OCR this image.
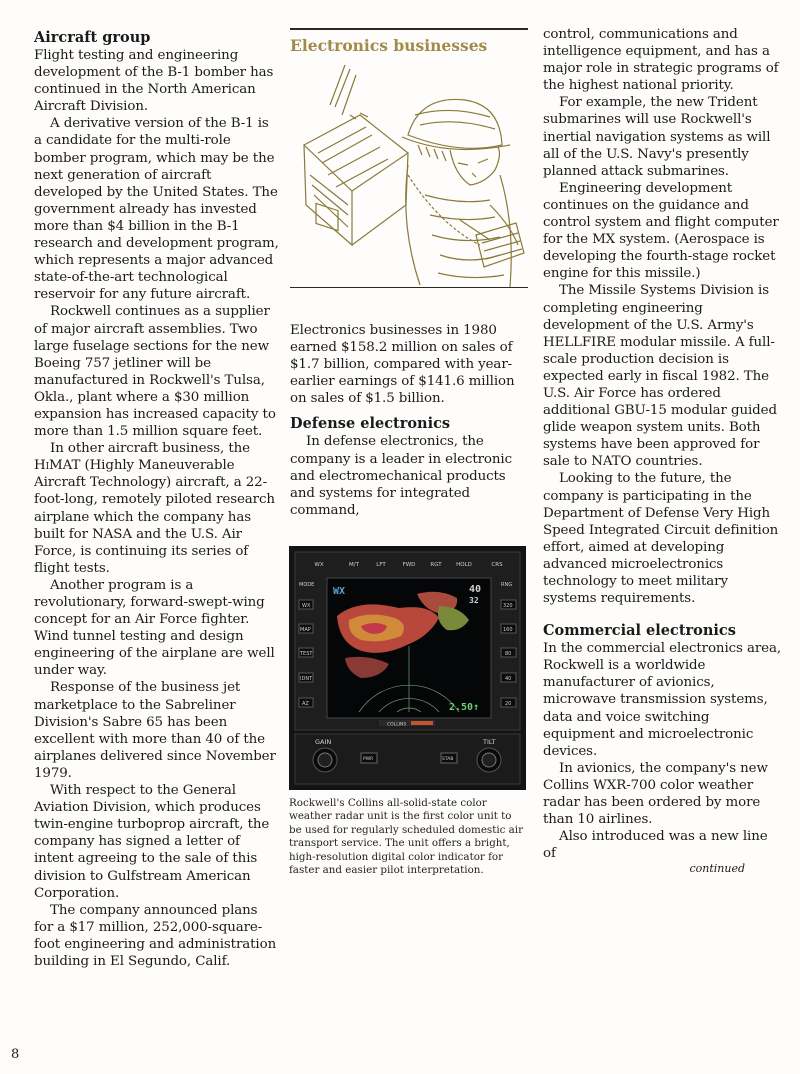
Aircraft group

Flight testing and engineering development of the B-1 bomber has continued in the North American Aircraft Division.

A derivative version of the B-1 is a candidate for the multi-role bomber program, which may be the next generation of aircraft developed by the United States. The government already has invested more than $4 billion in the B-1 research and development program, which represents a major advanced state-of-the-art technological reservoir for any future aircraft.

Rockwell continues as a supplier of major aircraft assemblies. Two large fuselage sections for the new Boeing 757 jetliner will be manufactured in Rockwell's Tulsa, Okla., plant where a $30 million expansion has increased capacity to more than 1.5 million square feet.

In other aircraft business, the HiMAT (Highly Maneuverable Aircraft Technology) aircraft, a 22-foot-long, remotely piloted research airplane which the company has built for NASA and the U.S. Air Force, is continuing its series of flight tests.

Another program is a revolutionary, forward-swept-wing concept for an Air Force fighter. Wind tunnel testing and design engineering of the airplane are well under way.

Response of the business jet marketplace to the Sabreliner Division's Sabre 65 has been excellent with more than 40 of the airplanes delivered since November 1979.

With respect to the General Aviation Division, which produces twin-engine turboprop aircraft, the company has signed a letter of intent agreeing to the sale of this division to Gulfstream American Corporation.

The company announced plans for a $17 million, 252,000-square-foot engineering and administration building in El Segundo, Calif.

Electronics businesses

Electronics businesses in 1980 earned $158.2 million on sales of $1.7 billion, compared with year-earlier earnings of $141.6 million on sales of $1.5 billion.

Defense electronics

In defense electronics, the company is a leader in electronic and electromechanical products and systems for integrated command,

WX	M/T	LFT	FWD	RGT	HOLD	CRS
MODE
WX
MAP
TEST
IDNT
AZ
RNG
320
160
80
40
20
WX	40
32
2.50↑
COLLINS
GAIN	TILT
PWR	STAB
Rockwell's Collins all-solid-state color weather radar unit is the first color unit to be used for regularly scheduled domestic air transport service. The unit offers a bright, high-resolution digital color indicator for faster and easier pilot interpretation.

control, communications and intelligence equipment, and has a major role in strategic programs of the highest national priority.

For example, the new Trident submarines will use Rockwell's inertial navigation systems as will all of the U.S. Navy's presently planned attack submarines.

Engineering development continues on the guidance and control system and flight computer for the MX system. (Aerospace is developing the fourth-stage rocket engine for this missile.)

The Missile Systems Division is completing engineering development of the U.S. Army's HELLFIRE modular missile. A full-scale production decision is expected early in fiscal 1982. The U.S. Air Force has ordered additional GBU-15 modular guided glide weapon system units. Both systems have been approved for sale to NATO countries.

Looking to the future, the company is participating in the Department of Defense Very High Speed Integrated Circuit definition effort, aimed at developing advanced microelectronics technology to meet military systems requirements.

Commercial electronics

In the commercial electronics area, Rockwell is a worldwide manufacturer of avionics, microwave transmission systems, data and voice switching equipment and microelectronic devices.

In avionics, the company's new Collins WXR-700 color weather radar has been ordered by more than 10 airlines.

Also introduced was a new line of

continued
8
